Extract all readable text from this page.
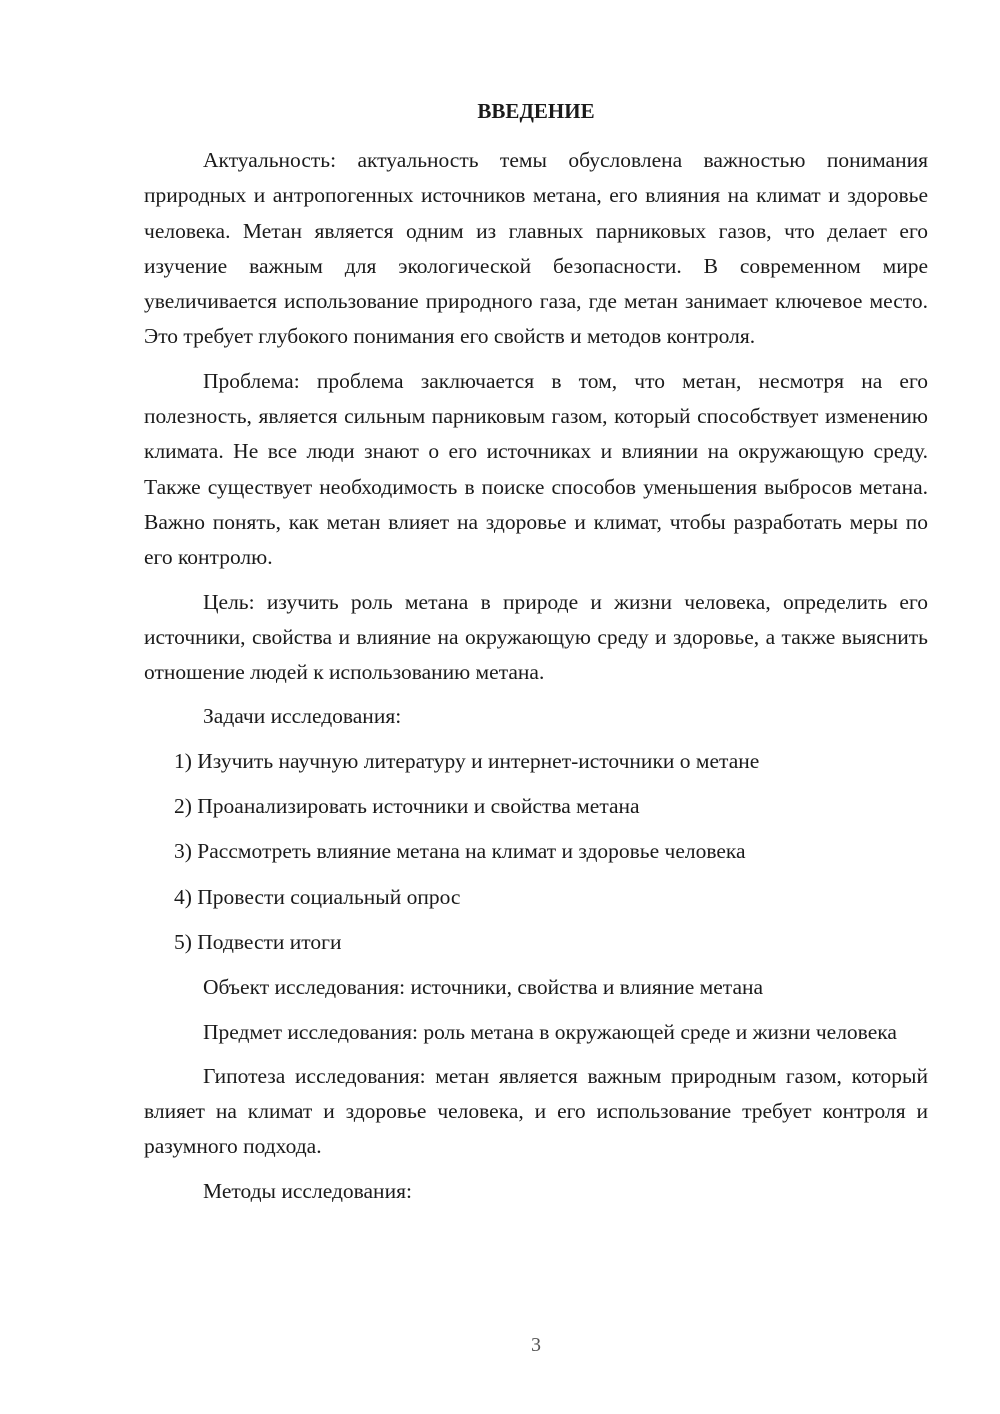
ВВЕДЕНИЕ

Актуальность: актуальность темы обусловлена важностью понимания природных и антропогенных источников метана, его влияния на климат и здоровье человека. Метан является одним из главных парниковых газов, что делает его изучение важным для экологической безопасности. В современном мире увеличивается использование природного газа, где метан занимает ключевое место. Это требует глубокого понимания его свойств и методов контроля.

Проблема: проблема заключается в том, что метан, несмотря на его полезность, является сильным парниковым газом, который способствует изменению климата. Не все люди знают о его источниках и влиянии на окружающую среду. Также существует необходимость в поиске способов уменьшения выбросов метана. Важно понять, как метан влияет на здоровье и климат, чтобы разработать меры по его контролю.

Цель: изучить роль метана в природе и жизни человека, определить его источники, свойства и влияние на окружающую среду и здоровье, а также выяснить отношение людей к использованию метана.

Задачи исследования:

1) Изучить научную литературу и интернет-источники о метане

2) Проанализировать источники и свойства метана

3) Рассмотреть влияние метана на климат и здоровье человека

4) Провести социальный опрос

5) Подвести итоги

Объект исследования: источники, свойства и влияние метана

Предмет исследования: роль метана в окружающей среде и жизни человека

Гипотеза исследования: метан является важным природным газом, который влияет на климат и здоровье человека, и его использование требует контроля и разумного подхода.

Методы исследования:

3
